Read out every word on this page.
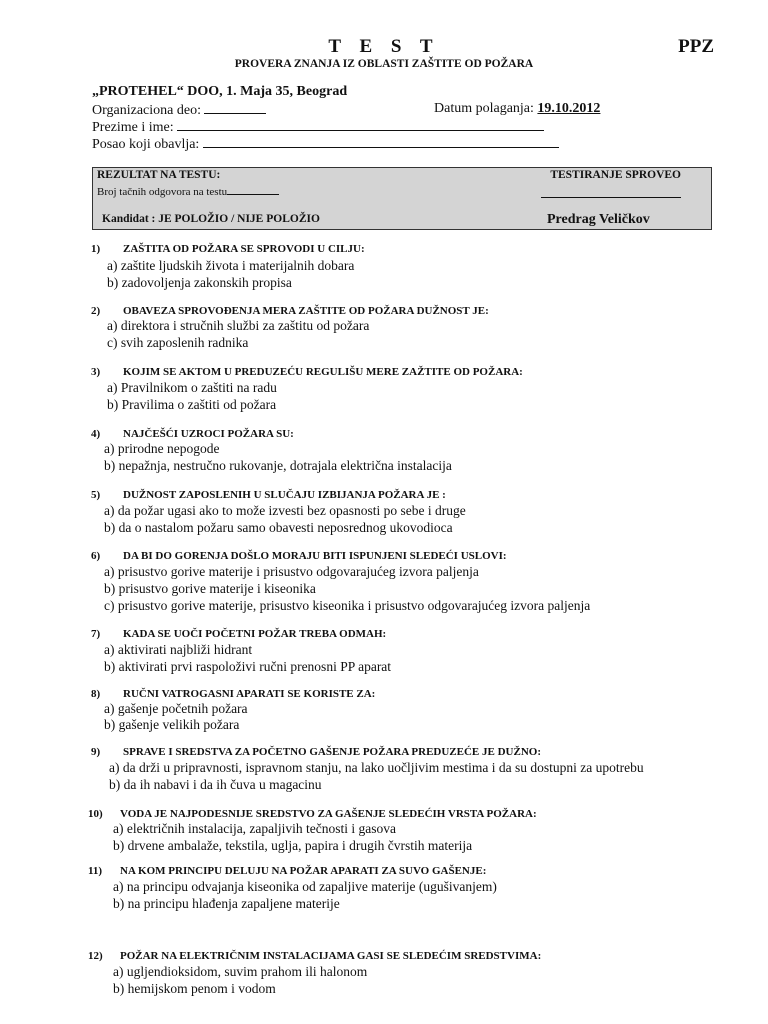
T E S T	PPZ
PROVERA ZNANJA IZ OBLASTI ZAŠTITE OD POŽARA
„PROTEHEL“ DOO, 1. Maja 35, Beograd
Organizaciona deo:	Datum polaganja: 19.10.2012
Prezime i ime:
Posao koji obavlja:
REZULTAT NA TESTU:
Broj tačnih odgovora na testu
Kandidat : JE POLOŽIO / NIJE POLOŽIO
TESTIRANJE SPROVEO
Predrag Veličkov
1) ZAŠTITA OD POŽARA SE SPROVODI U CILJU:
a) zaštite ljudskih života i materijalnih dobara
b) zadovoljenja zakonskih propisa
2) OBAVEZA SPROVOĐENJA MERA ZAŠTITE OD POŽARA DUŽNOST JE:
a) direktora i stručnih službi za zaštitu od požara
c) svih zaposlenih radnika
3) KOJIM SE AKTOM U PREDUZEĆU REGULIŠU MERE ZAŽTITE OD POŽARA:
a) Pravilnikom o zaštiti na radu
b) Pravilima o zaštiti od požara
4) NAJČEŠĆI UZROCI POŽARA SU:
a) prirodne nepogode
b) nepažnja, nestručno rukovanje, dotrajala električna instalacija
5) DUŽNOST ZAPOSLENIH U SLUČAJU IZBIJANJA POŽARA JE :
a) da požar ugasi ako to može izvesti bez opasnosti po sebe i druge
b) da o nastalom požaru samo obavesti neposrednog ukovodioca
6) DA BI DO GORENJA DOŠLO MORAJU BITI ISPUNJENI SLEDEĆI USLOVI:
a) prisustvo gorive materije i prisustvo odgovarajućeg izvora paljenja
b) prisustvo gorive materije i kiseonika
c) prisustvo gorive materije, prisustvo kiseonika i prisustvo odgovarajućeg izvora paljenja
7) KADA SE UOČI POČETNI POŽAR TREBA ODMAH:
a) aktivirati najbliži hidrant
b) aktivirati prvi raspoloživi ručni prenosni PP aparat
8) RUČNI VATROGASNI APARATI SE KORISTE ZA:
a) gašenje početnih požara
b) gašenje velikih požara
9) SPRAVE I SREDSTVA ZA POČETNO GAŠENJE POŽARA PREDUZEĆE JE DUŽNO:
a) da drži u pripravnosti, ispravnom stanju, na lako uočljivim mestima i da su dostupni za upotrebu
b) da ih nabavi i da ih čuva u magacinu
10) VODA JE NAJPODESNIJE SREDSTVO ZA GAŠENJE SLEDEĆIH VRSTA POŽARA:
a) električnih instalacija, zapaljivih tečnosti i gasova
b) drvene ambalaže, tekstila, uglja, papira i drugih čvrstih materija
11) NA KOM PRINCIPU DELUJU NA POŽAR APARATI ZA SUVO GAŠENJE:
a) na principu odvajanja kiseonika od zapaljive materije (ugušivanjem)
b) na principu hlađenja zapaljene materije
12) POŽAR NA ELEKTRIČNIM INSTALACIJAMA GASI SE SLEDEĆIM SREDSTVIMA:
a) ugljendioksidom, suvim prahom ili halonom
b) hemijskom penom i vodom
